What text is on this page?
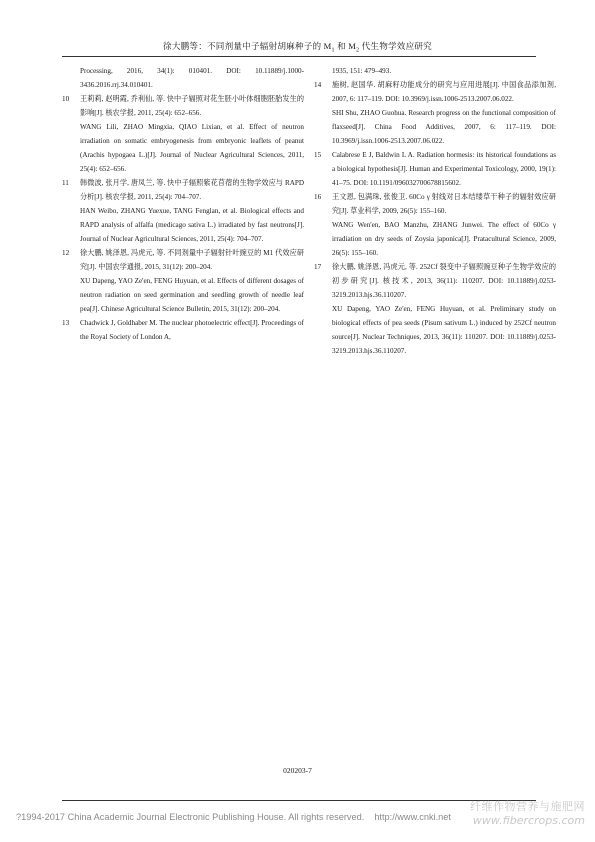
徐大鹏等：不同剂量中子辐射胡麻种子的 $M_1$ 和 $M_2$ 代生物学效应研究

Processing, 2016, 34(1): 010401. DOI: 10.11889/j.1000-3436.2016.rrj.34.010401.

10	王莉莉, 赵明霞, 乔利仙, 等. 快中子辐照对花生胚小叶体细胞胚胎发生的影响[J]. 核农学报, 2011, 25(4): 652–656.

WANG Lili, ZHAO Mingxia, QIAO Lixian, et al. Effect of neutron irradiation on somatic embryogenesis from embryonic leaflets of peanut (Arachis hypogaea L.)[J]. Journal of Nuclear Agricultural Sciences, 2011, 25(4): 652–656.

11	韩微波, 张月学, 唐凤兰, 等. 快中子辐照紫花苜蓿的生物学效应与 RAPD 分析[J]. 核农学报, 2011, 25(4): 704–707.

HAN Weibo, ZHANG Yuexue, TANG Fenglan, et al. Biological effects and RAPD analysis of alfalfa (medicago sativa L.) irradiated by fast neutrons[J]. Journal of Nuclear Agricultural Sciences, 2011, 25(4): 704–707.

12	徐大鹏, 姚泽恩, 冯虎元, 等. 不同剂量中子辐射针叶豌豆的 M1 代效应研究[J]. 中国农学通报, 2015, 31(12): 200–204.

XU Dapeng, YAO Ze'en, FENG Huyuan, et al. Effects of different dosages of neutron radiation on seed germination and seedling growth of needle leaf pea[J]. Chinese Agricultural Science Bulletin, 2015, 31(12): 200–204.

13	Chadwick J, Goldhaber M. The nuclear photoelectric effect[J]. Proceedings of the Royal Society of London A,

1935, 151: 479–493.

14	施树, 赵国华. 胡麻籽功能成分的研究与应用进展[J]. 中国食品添加剂, 2007, 6: 117–119. DOI: 10.3969/j.issn.1006-2513.2007.06.022.

SHI Shu, ZHAO Guohua. Research progress on the functional composition of flaxseed[J]. China Food Additives, 2007, 6: 117–119. DOI: 10.3969/j.issn.1006-2513.2007.06.022.

15	Calabrese E J, Baldwin L A. Radiation hormesis: its historical foundations as a biological hypothesis[J]. Human and Experimental Toxicology, 2000, 19(1): 41–75. DOI: 10.1191/096032700678815602.

16	王文恩, 包满珠, 张俊卫. 60Co γ 射线对日本结缕草干种子的辐射效应研究[J]. 草业科学, 2009, 26(5): 155–160.

WANG Wen'en, BAO Manzhu, ZHANG Junwei. The effect of 60Co γ irradiation on dry seeds of Zoysia japonica[J]. Pratacultural Science, 2009, 26(5): 155–160.

17	徐大鹏, 姚泽恩, 冯虎元, 等. 252Cf 裂变中子辐照豌豆种子生物学效应的初步研究[J]. 核技术, 2013, 36(11): 110207. DOI: 10.11889/j.0253-3219.2013.hjs.36.110207.

XU Dapeng, YAO Ze'en, FENG Huyuan, et al. Preliminary study on biological effects of pea seeds (Pisum sativum L.) induced by 252Cf neutron source[J]. Nuclear Techniques, 2013, 36(11): 110207. DOI: 10.11889/j.0253-3219.2013.hjs.36.110207.

020203-7
?1994-2017 China Academic Journal Electronic Publishing House. All rights reserved. http://www.cnki.net
纤维作物营养与施肥网
www.fibercrops.com
